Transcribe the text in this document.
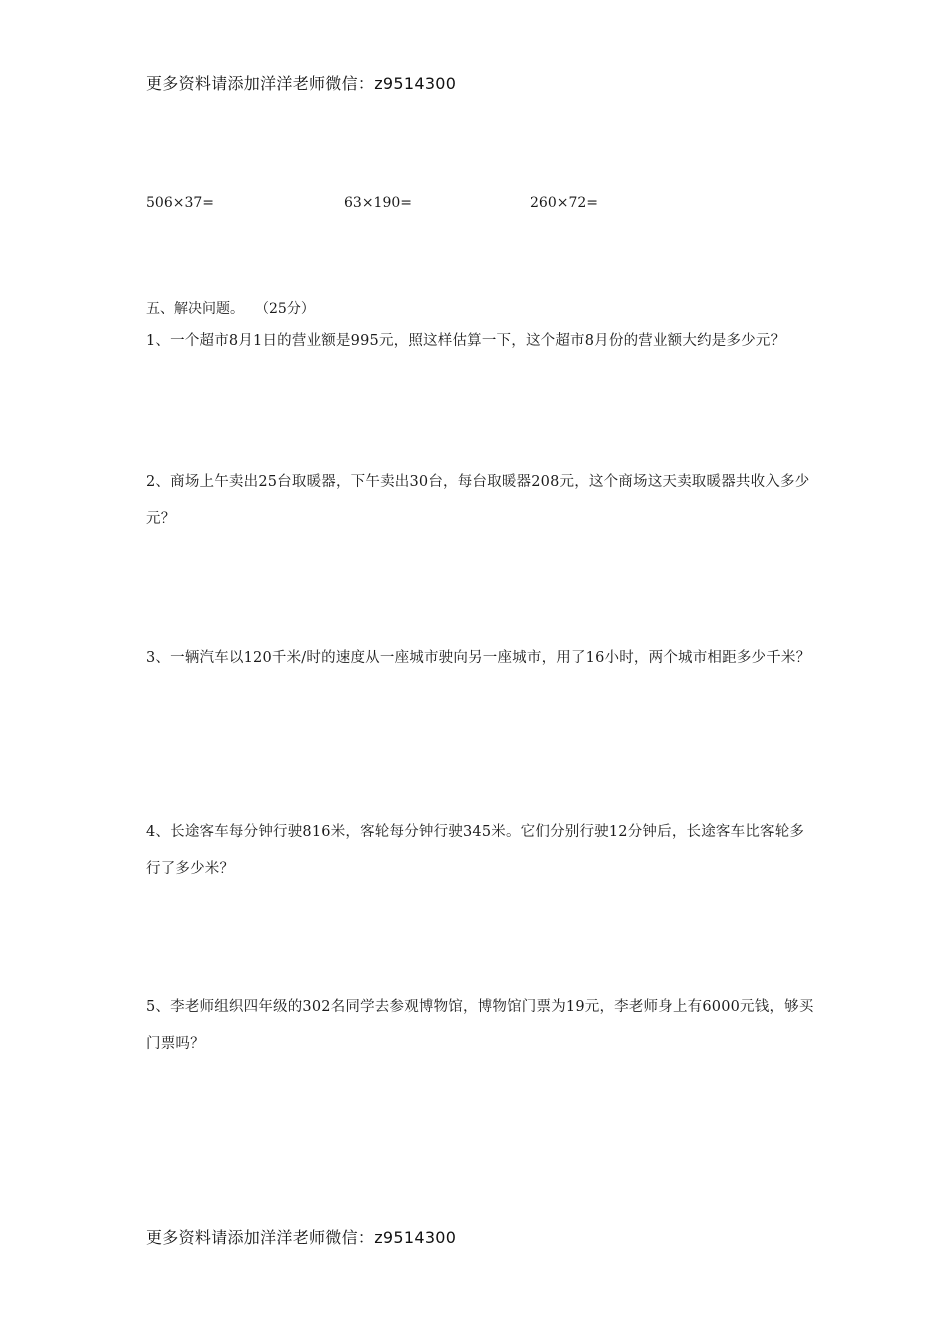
更多资料请添加洋洋老师微信：z9514300
506×37=	63×190=	260×72=
五、解决问题。 （25分）
1、一个超市8月1日的营业额是995元，照这样估算一下，这个超市8月份的营业额大约是多少元？
2、商场上午卖出25台取暖器，下午卖出30台，每台取暖器208元，这个商场这天卖取暖器共收入多少元？
3、一辆汽车以120千米/时的速度从一座城市驶向另一座城市，用了16小时，两个城市相距多少千米？
4、长途客车每分钟行驶816米，客轮每分钟行驶345米。它们分别行驶12分钟后，长途客车比客轮多行了多少米？
5、李老师组织四年级的302名同学去参观博物馆，博物馆门票为19元，李老师身上有6000元钱，够买门票吗？
更多资料请添加洋洋老师微信：z9514300
